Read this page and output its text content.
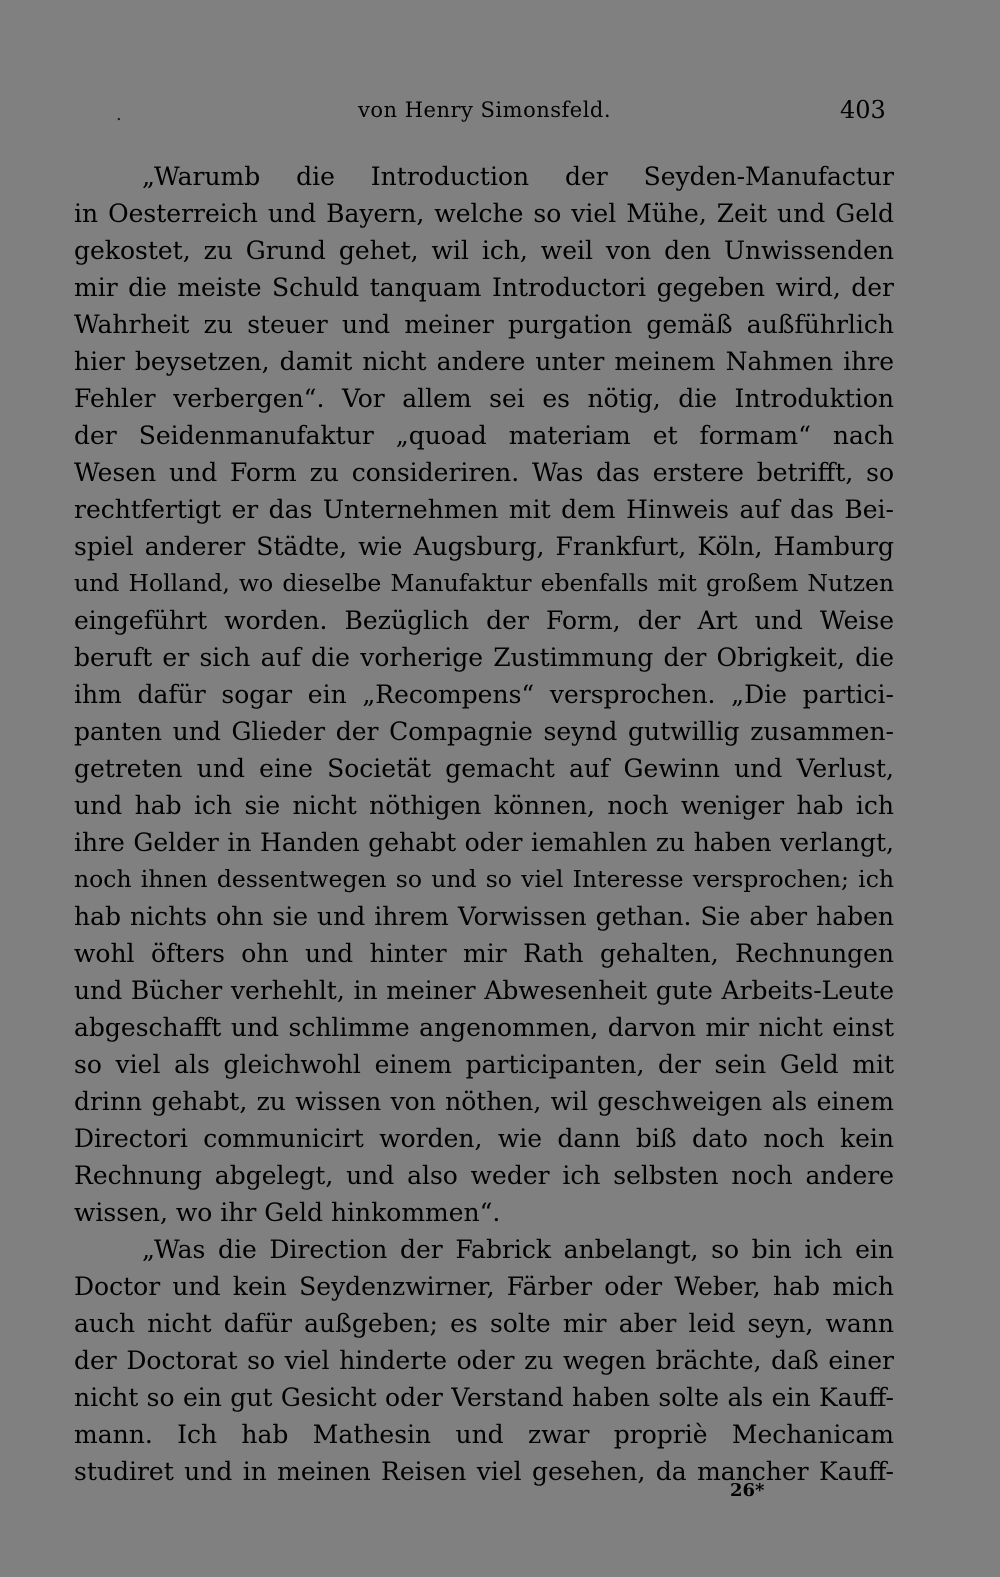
.	von Henry Simonsfeld.	403
„Warumb die Introduction der Seyden-Manufactur
in Oesterreich und Bayern, welche so viel Mühe, Zeit und Geld
gekostet, zu Grund gehet, wil ich, weil von den Unwissenden
mir die meiste Schuld tanquam Introductori gegeben wird, der
Wahrheit zu steuer und meiner purgation gemäß außführlich
hier beysetzen, damit nicht andere unter meinem Nahmen ihre
Fehler verbergen“. Vor allem sei es nötig, die Introduktion
der Seidenmanufaktur „quoad materiam et formam“ nach
Wesen und Form zu consideriren. Was das erstere betrifft, so
rechtfertigt er das Unternehmen mit dem Hinweis auf das Bei-
spiel anderer Städte, wie Augsburg, Frankfurt, Köln, Hamburg
und Holland, wo dieselbe Manufaktur ebenfalls mit großem Nutzen
eingeführt worden. Bezüglich der Form, der Art und Weise
beruft er sich auf die vorherige Zustimmung der Obrigkeit, die
ihm dafür sogar ein „Recompens“ versprochen. „Die partici-
panten und Glieder der Compagnie seynd gutwillig zusammen-
getreten und eine Societät gemacht auf Gewinn und Verlust,
und hab ich sie nicht nöthigen können, noch weniger hab ich
ihre Gelder in Handen gehabt oder iemahlen zu haben verlangt,
noch ihnen dessentwegen so und so viel Interesse versprochen; ich
hab nichts ohn sie und ihrem Vorwissen gethan. Sie aber haben
wohl öfters ohn und hinter mir Rath gehalten, Rechnungen
und Bücher verhehlt, in meiner Abwesenheit gute Arbeits-Leute
abgeschafft und schlimme angenommen, darvon mir nicht einst
so viel als gleichwohl einem participanten, der sein Geld mit
drinn gehabt, zu wissen von nöthen, wil geschweigen als einem
Directori communicirt worden, wie dann biß dato noch kein
Rechnung abgelegt, und also weder ich selbsten noch andere
wissen, wo ihr Geld hinkommen“.
„Was die Direction der Fabrick anbelangt, so bin ich ein
Doctor und kein Seydenzwirner, Färber oder Weber, hab mich
auch nicht dafür außgeben; es solte mir aber leid seyn, wann
der Doctorat so viel hinderte oder zu wegen brächte, daß einer
nicht so ein gut Gesicht oder Verstand haben solte als ein Kauff-
mann. Ich hab Mathesin und zwar propriè Mechanicam
studiret und in meinen Reisen viel gesehen, da mancher Kauff-
26*
